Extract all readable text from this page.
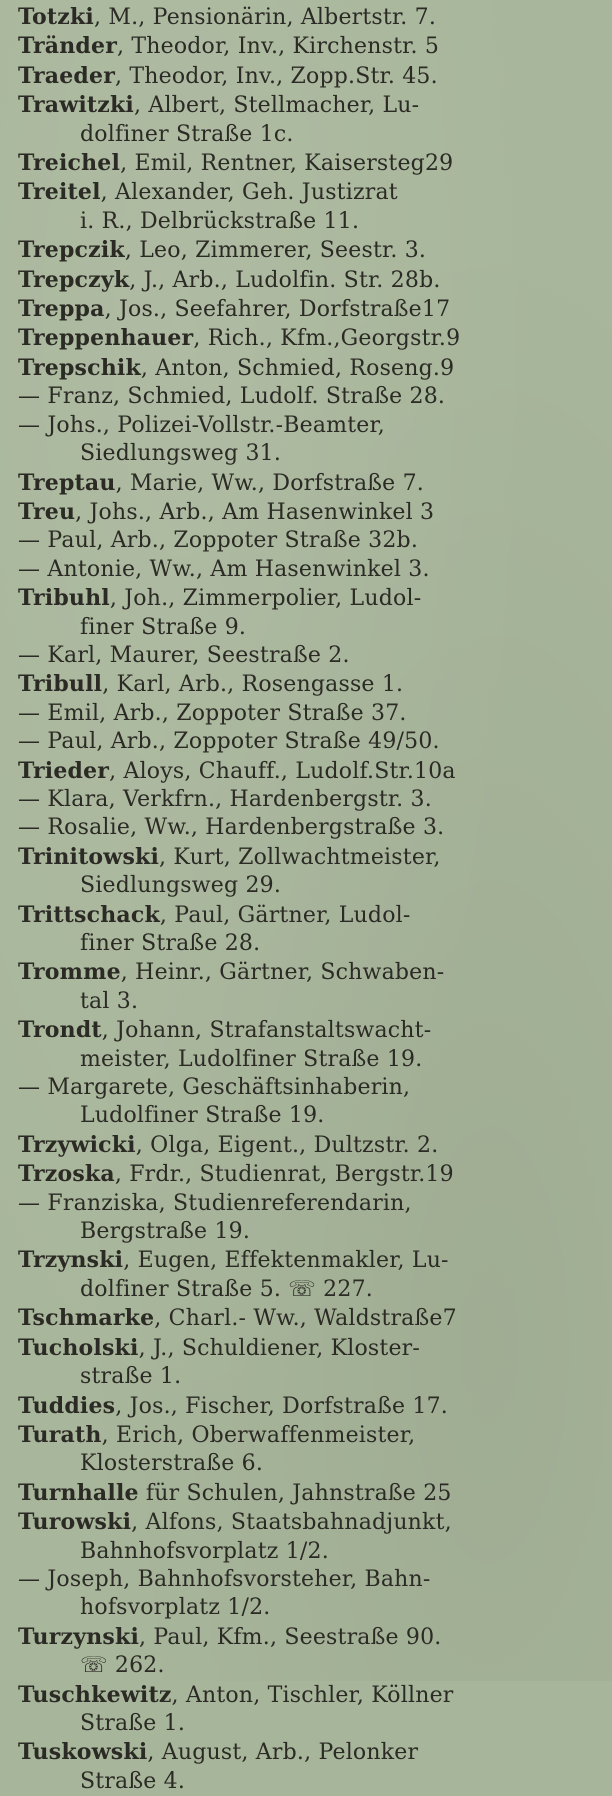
Totzki, M., Pensionärin, Albertstr. 7.
Tränder, Theodor, Inv., Kirchenstr. 5
Traeder, Theodor, Inv., Zopp.Str. 45.
Trawitzki, Albert, Stellmacher, Lu-
dolfiner Straße 1c.
Treichel, Emil, Rentner, Kaisersteg29
Treitel, Alexander, Geh. Justizrat
i. R., Delbrückstraße 11.
Trepczik, Leo, Zimmerer, Seestr. 3.
Trepczyk, J., Arb., Ludolfin. Str. 28b.
Treppa, Jos., Seefahrer, Dorfstraße17
Treppenhauer, Rich., Kfm.,Georgstr.9
Trepschik, Anton, Schmied, Roseng.9
— Franz, Schmied, Ludolf. Straße 28.
— Johs., Polizei-Vollstr.-Beamter,
Siedlungsweg 31.
Treptau, Marie, Ww., Dorfstraße 7.
Treu, Johs., Arb., Am Hasenwinkel 3
— Paul, Arb., Zoppoter Straße 32b.
— Antonie, Ww., Am Hasenwinkel 3.
Tribuhl, Joh., Zimmerpolier, Ludol-
finer Straße 9.
— Karl, Maurer, Seestraße 2.
Tribull, Karl, Arb., Rosengasse 1.
— Emil, Arb., Zoppoter Straße 37.
— Paul, Arb., Zoppoter Straße 49/50.
Trieder, Aloys, Chauff., Ludolf.Str.10a
— Klara, Verkfrn., Hardenbergstr. 3.
— Rosalie, Ww., Hardenbergstraße 3.
Trinitowski, Kurt, Zollwachtmeister,
Siedlungsweg 29.
Trittschack, Paul, Gärtner, Ludol-
finer Straße 28.
Tromme, Heinr., Gärtner, Schwaben-
tal 3.
Trondt, Johann, Strafanstaltswacht-
meister, Ludolfiner Straße 19.
— Margarete, Geschäftsinhaberin,
Ludolfiner Straße 19.
Trzywicki, Olga, Eigent., Dultzstr. 2.
Trzoska, Frdr., Studienrat, Bergstr.19
— Franziska, Studienreferendarin,
Bergstraße 19.
Trzynski, Eugen, Effektenmakler, Lu-
dolfiner Straße 5. ☏ 227.
Tschmarke, Charl.- Ww., Waldstraße7
Tucholski, J., Schuldiener, Kloster-
straße 1.
Tuddies, Jos., Fischer, Dorfstraße 17.
Turath, Erich, Oberwaffenmeister,
Klosterstraße 6.
Turnhalle für Schulen, Jahnstraße 25
Turowski, Alfons, Staatsbahnadjunkt,
Bahnhofsvorplatz 1/2.
— Joseph, Bahnhofsvorsteher, Bahn-
hofsvorplatz 1/2.
Turzynski, Paul, Kfm., Seestraße 90.
☏ 262.
Tuschkewitz, Anton, Tischler, Köllner
Straße 1.
Tuskowski, August, Arb., Pelonker
Straße 4.
